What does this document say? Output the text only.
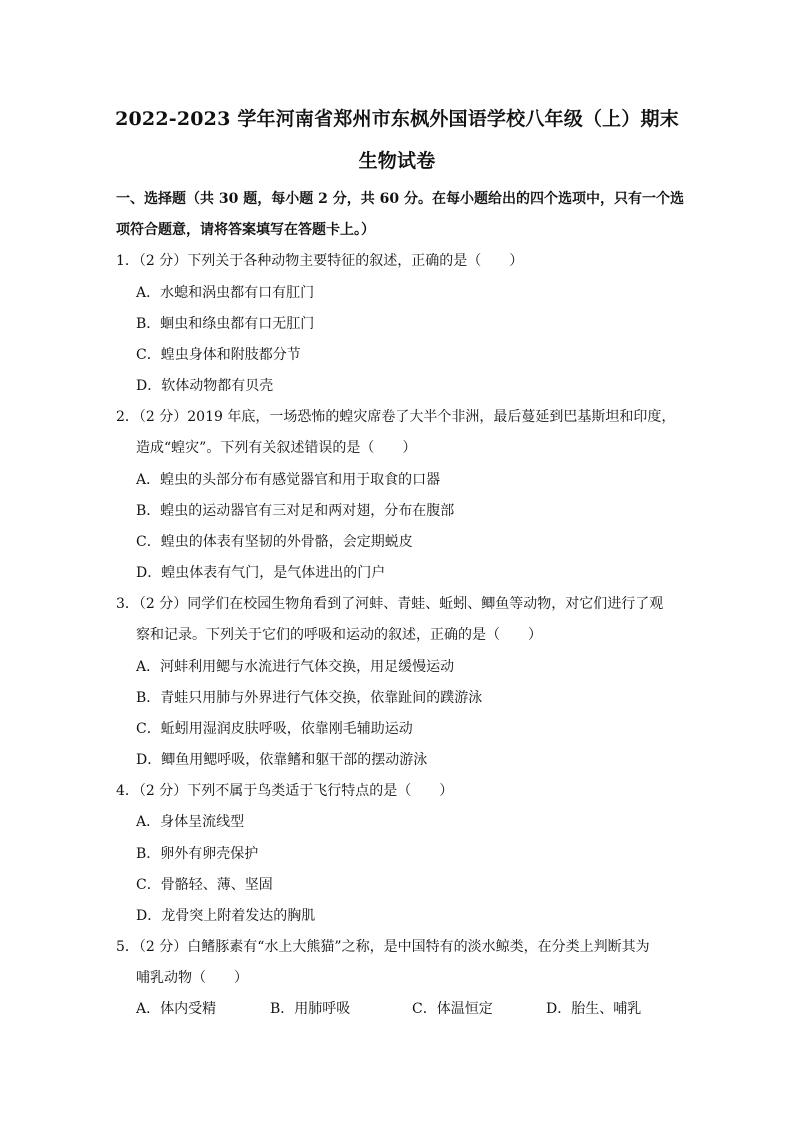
2022-2023 学年河南省郑州市东枫外国语学校八年级（上）期末
生物试卷
一、选择题（共 30 题，每小题 2 分，共 60 分。在每小题给出的四个选项中，只有一个选
项符合题意，请将答案填写在答题卡上。）
1．（2 分）下列关于各种动物主要特征的叙述，正确的是（　　）
A．水螅和涡虫都有口有肛门
B．蛔虫和绦虫都有口无肛门
C．蝗虫身体和附肢都分节
D．软体动物都有贝壳
2．（2 分）2019 年底，一场恐怖的蝗灾席卷了大半个非洲，最后蔓延到巴基斯坦和印度，
造成“蝗灾”。下列有关叙述错误的是（　　）
A．蝗虫的头部分布有感觉器官和用于取食的口器
B．蝗虫的运动器官有三对足和两对翅，分布在腹部
C．蝗虫的体表有坚韧的外骨骼，会定期蜕皮
D．蝗虫体表有气门，是气体进出的门户
3．（2 分）同学们在校园生物角看到了河蚌、青蛙、蚯蚓、鲫鱼等动物，对它们进行了观
察和记录。下列关于它们的呼吸和运动的叙述，正确的是（　　）
A．河蚌利用鳃与水流进行气体交换，用足缓慢运动
B．青蛙只用肺与外界进行气体交换，依靠趾间的蹼游泳
C．蚯蚓用湿润皮肤呼吸，依靠刚毛辅助运动
D．鲫鱼用鳃呼吸，依靠鳍和躯干部的摆动游泳
4．（2 分）下列不属于鸟类适于飞行特点的是（　　）
A．身体呈流线型
B．卵外有卵壳保护
C．骨骼轻、薄、坚固
D．龙骨突上附着发达的胸肌
5．（2 分）白鳍豚素有“水上大熊猫”之称，是中国特有的淡水鲸类，在分类上判断其为
哺乳动物（　　）
A．体内受精	B．用肺呼吸	C．体温恒定	D．胎生、哺乳
